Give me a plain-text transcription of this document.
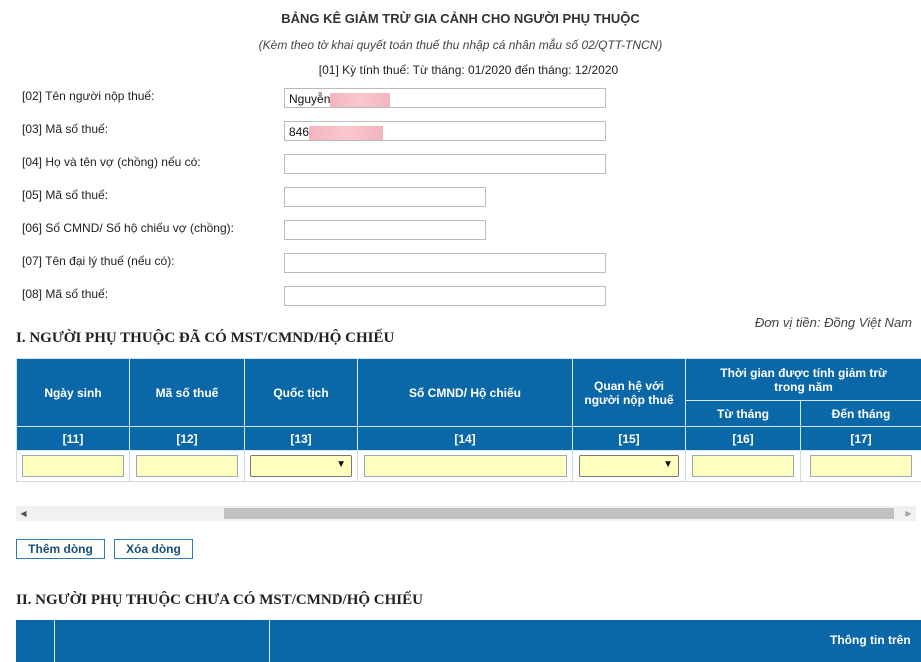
BẢNG KÊ GIẢM TRỪ GIA CẢNH CHO NGƯỜI PHỤ THUỘC
(Kèm theo tờ khai quyết toán thuế thu nhập cá nhân mẫu số 02/QTT-TNCN)
[01] Kỳ tính thuế: Từ tháng: 01/2020 đến tháng: 12/2020
[02] Tên người nộp thuế:	Nguyễn
[03] Mã số thuế:	846
[04] Họ và tên vợ (chồng) nếu có:
[05] Mã số thuế:
[06] Số CMND/ Số hộ chiếu vợ (chồng):
[07] Tên đại lý thuế (nếu có):
[08] Mã số thuế:
Đơn vị tiền: Đồng Việt Nam
I. NGƯỜI PHỤ THUỘC ĐÃ CÓ MST/CMND/HỘ CHIẾU
Ngày sinh	Mã số thuế	Quốc tịch	Số CMND/ Hộ chiếu	Quan hệ với người nộp thuế	Thời gian được tính giảm trừ trong năm	
					Từ tháng	Đến tháng
[11]	[12]	[13]	[14]	[15]	[16]	[17]

		▼		▼		

◀	▶
Thêm dòng	Xóa dòng
II. NGƯỜI PHỤ THUỘC CHƯA CÓ MST/CMND/HỘ CHIẾU
Thông tin trên
